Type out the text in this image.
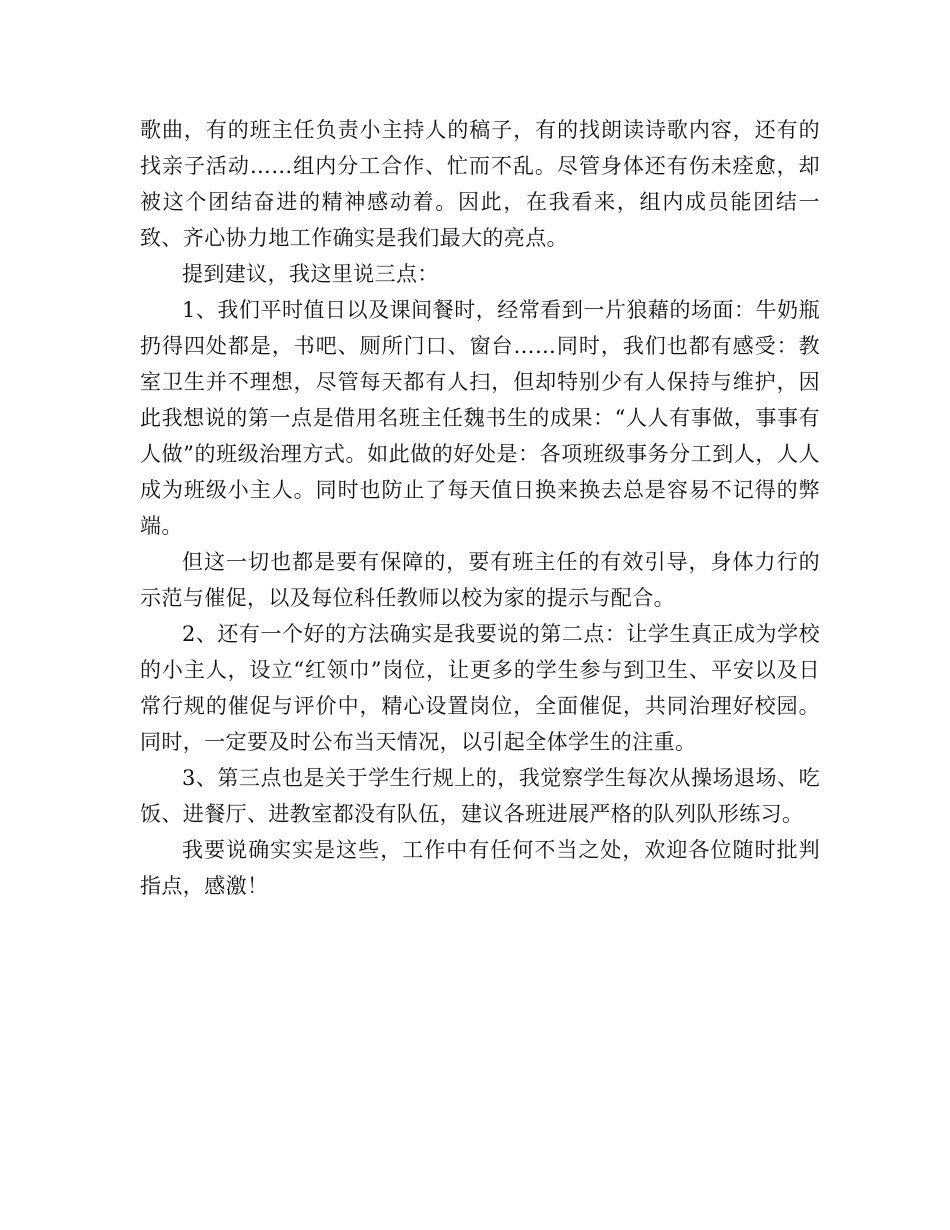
歌曲，有的班主任负责小主持人的稿子，有的找朗读诗歌内容，还有的找亲子活动……组内分工合作、忙而不乱。尽管身体还有伤未痊愈，却被这个团结奋进的精神感动着。因此，在我看来，组内成员能团结一致、齐心协力地工作确实是我们最大的亮点。

提到建议，我这里说三点：

1、我们平时值日以及课间餐时，经常看到一片狼藉的场面：牛奶瓶扔得四处都是，书吧、厕所门口、窗台……同时，我们也都有感受：教室卫生并不理想，尽管每天都有人扫，但却特别少有人保持与维护，因此我想说的第一点是借用名班主任魏书生的成果：“人人有事做，事事有人做”的班级治理方式。如此做的好处是：各项班级事务分工到人，人人成为班级小主人。同时也防止了每天值日换来换去总是容易不记得的弊端。

但这一切也都是要有保障的，要有班主任的有效引导，身体力行的示范与催促，以及每位科任教师以校为家的提示与配合。

2、还有一个好的方法确实是我要说的第二点：让学生真正成为学校的小主人，设立“红领巾”岗位，让更多的学生参与到卫生、平安以及日常行规的催促与评价中，精心设置岗位，全面催促，共同治理好校园。同时，一定要及时公布当天情况，以引起全体学生的注重。

3、第三点也是关于学生行规上的，我觉察学生每次从操场退场、吃饭、进餐厅、进教室都没有队伍，建议各班进展严格的队列队形练习。

我要说确实实是这些，工作中有任何不当之处，欢迎各位随时批判指点，感激！
